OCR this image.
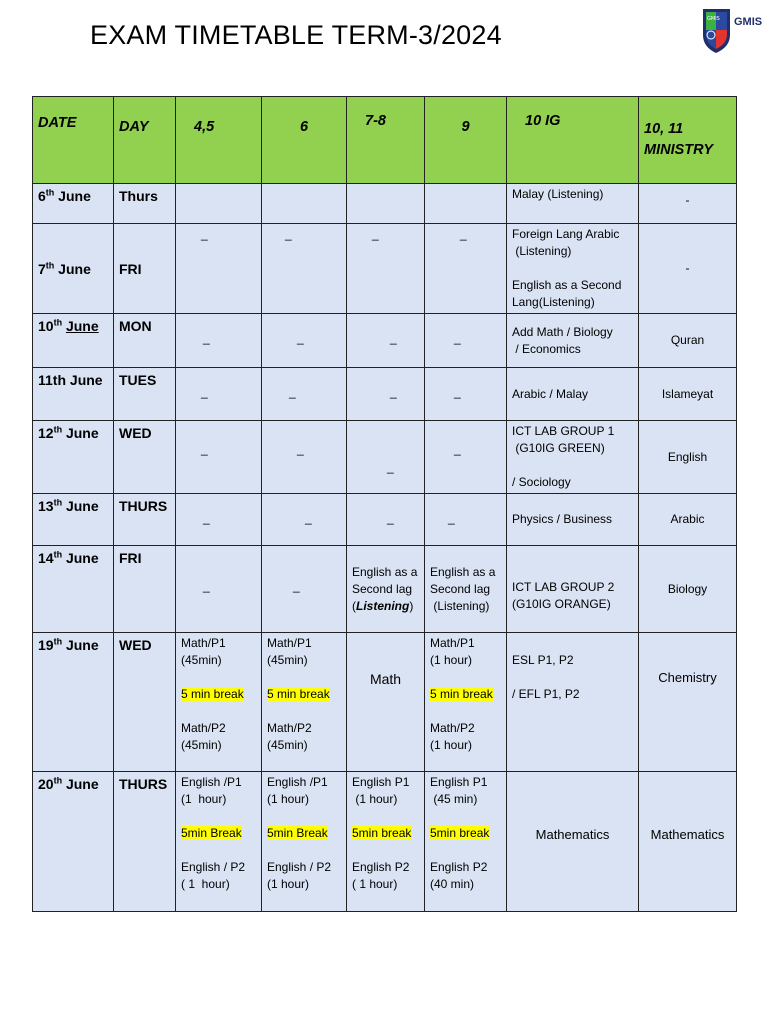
EXAM TIMETABLE TERM-3/2024
GMIS GMIS
DATE	DAY	4,5	6	7-8	9	10 IG	10, 11 MINISTRY
6th June	Thurs					Malay (Listening)	-

7th June	FRI	_	_	_	_	Foreign Lang Arabic
(Listening)
English as a Second
Lang(Listening)	-
10th June	MON	_	_	_	_	Add Math / Biology
/ Economics	Quran
11th June	TUES	_	_	_	_	Arabic / Malay	Islameyat
12th June	WED	_	_	_	_	ICT LAB GROUP 1
(G10IG GREEN)
/ Sociology	English
13th June	THURS	_	_	_	_	Physics / Business	Arabic
14th June	FRI	_	_	English as a
Second lag
(Listening)	English as a
Second lag
(Listening)	ICT LAB GROUP 2
(G10IG ORANGE)	Biology
19th June	WED	Math/P1
(45min)
5 min break
Math/P2
(45min)	Math/P1
(45min)
5 min break
Math/P2
(45min)	Math	Math/P1
(1 hour)
5 min break
Math/P2
(1 hour)	ESL P1, P2
/ EFL P1, P2	Chemistry

20th June	THURS	English /P1
(1  hour)
5min Break
English / P2
( 1  hour)	English /P1
(1 hour)
5min Break
English / P2
(1 hour)	English P1
(1 hour)
5min break
English P2
( 1 hour)	English P1
(45 min)
5min break
English P2
(40 min)	Mathematics	Mathematics
